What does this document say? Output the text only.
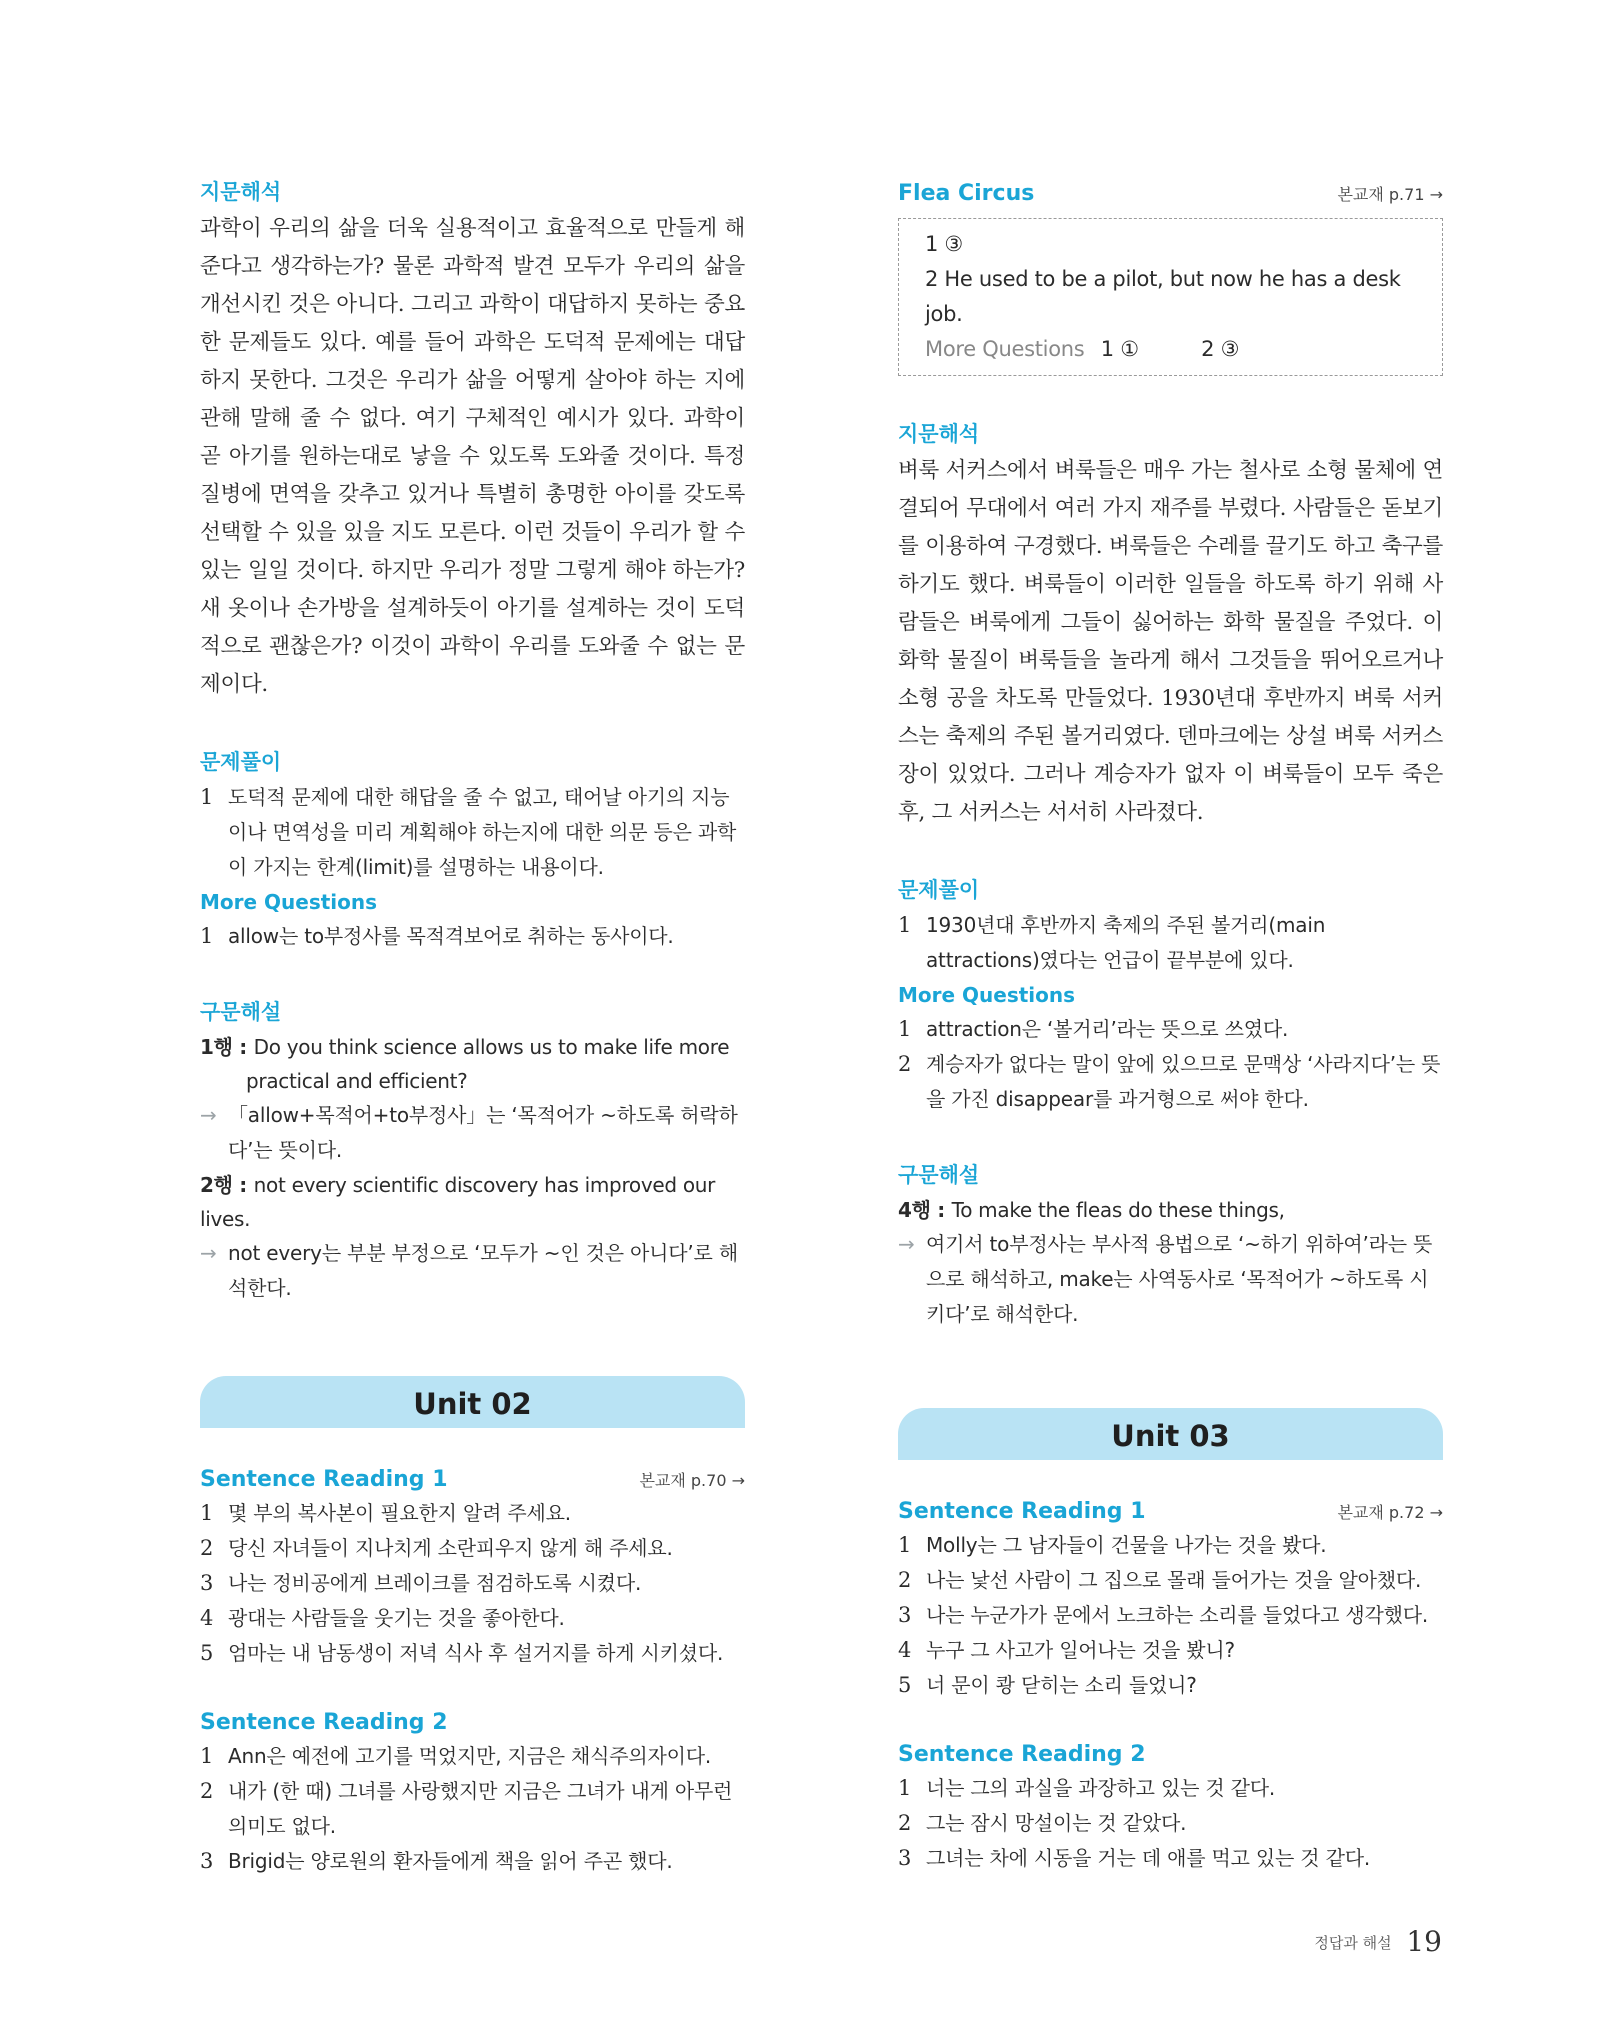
지문해석

과학이 우리의 삶을 더욱 실용적이고 효율적으로 만들게 해준다고 생각하는가? 물론 과학적 발견 모두가 우리의 삶을 개선시킨 것은 아니다. 그리고 과학이 대답하지 못하는 중요한 문제들도 있다. 예를 들어 과학은 도덕적 문제에는 대답하지 못한다. 그것은 우리가 삶을 어떻게 살아야 하는 지에 관해 말해 줄 수 없다. 여기 구체적인 예시가 있다. 과학이 곧 아기를 원하는대로 낳을 수 있도록 도와줄 것이다. 특정 질병에 면역을 갖추고 있거나 특별히 총명한 아이를 갖도록 선택할 수 있을 있을 지도 모른다. 이런 것들이 우리가 할 수 있는 일일 것이다. 하지만 우리가 정말 그렇게 해야 하는가? 새 옷이나 손가방을 설계하듯이 아기를 설계하는 것이 도덕적으로 괜찮은가? 이것이 과학이 우리를 도와줄 수 없는 문제이다.

문제풀이
1 도덕적 문제에 대한 해답을 줄 수 없고, 태어날 아기의 지능이나 면역성을 미리 계획해야 하는지에 대한 의문 등은 과학이 가지는 한계(limit)를 설명하는 내용이다.
More Questions
1 allow는 to부정사를 목적격보어로 취하는 동사이다.
구문해설
1행 : Do you think science allows us to make life more
practical and efficient?
→ 「allow+목적어+to부정사」는 ‘목적어가 ~하도록 허락하다’는 뜻이다.
2행 : not every scientific discovery has improved our lives.
→ not every는 부분 부정으로 ‘모두가 ~인 것은 아니다’로 해석한다.
Unit 02
Sentence Reading 1	본교재 p.70 →
1 몇 부의 복사본이 필요한지 알려 주세요.
2 당신 자녀들이 지나치게 소란피우지 않게 해 주세요.
3 나는 정비공에게 브레이크를 점검하도록 시켰다.
4 광대는 사람들을 웃기는 것을 좋아한다.
5 엄마는 내 남동생이 저녁 식사 후 설거지를 하게 시키셨다.
Sentence Reading 2
1 Ann은 예전에 고기를 먹었지만, 지금은 채식주의자이다.
2 내가 (한 때) 그녀를 사랑했지만 지금은 그녀가 내게 아무런 의미도 없다.
3 Brigid는 양로원의 환자들에게 책을 읽어 주곤 했다.
Flea Circus	본교재 p.71 →
1 ③
2 He used to be a pilot, but now he has a desk job.
More Questions 1 ①	2 ③
지문해석

벼룩 서커스에서 벼룩들은 매우 가는 철사로 소형 물체에 연결되어 무대에서 여러 가지 재주를 부렸다. 사람들은 돋보기를 이용하여 구경했다. 벼룩들은 수레를 끌기도 하고 축구를 하기도 했다. 벼룩들이 이러한 일들을 하도록 하기 위해 사람들은 벼룩에게 그들이 싫어하는 화학 물질을 주었다. 이 화학 물질이 벼룩들을 놀라게 해서 그것들을 뛰어오르거나 소형 공을 차도록 만들었다. 1930년대 후반까지 벼룩 서커스는 축제의 주된 볼거리였다. 덴마크에는 상설 벼룩 서커스장이 있었다. 그러나 계승자가 없자 이 벼룩들이 모두 죽은 후, 그 서커스는 서서히 사라졌다.

문제풀이
1 1930년대 후반까지 축제의 주된 볼거리(main attractions)였다는 언급이 끝부분에 있다.
More Questions
1 attraction은 ‘볼거리’라는 뜻으로 쓰였다.
2 계승자가 없다는 말이 앞에 있으므로 문맥상 ‘사라지다’는 뜻을 가진 disappear를 과거형으로 써야 한다.
구문해설
4행 : To make the fleas do these things,
→ 여기서 to부정사는 부사적 용법으로 ‘~하기 위하여’라는 뜻으로 해석하고, make는 사역동사로 ‘목적어가 ~하도록 시키다’로 해석한다.
Unit 03
Sentence Reading 1	본교재 p.72 →
1 Molly는 그 남자들이 건물을 나가는 것을 봤다.
2 나는 낯선 사람이 그 집으로 몰래 들어가는 것을 알아챘다.
3 나는 누군가가 문에서 노크하는 소리를 들었다고 생각했다.
4 누구 그 사고가 일어나는 것을 봤니?
5 너 문이 쾅 닫히는 소리 들었니?
Sentence Reading 2
1 너는 그의 과실을 과장하고 있는 것 같다.
2 그는 잠시 망설이는 것 같았다.
3 그녀는 차에 시동을 거는 데 애를 먹고 있는 것 같다.
정답과 해설 19
